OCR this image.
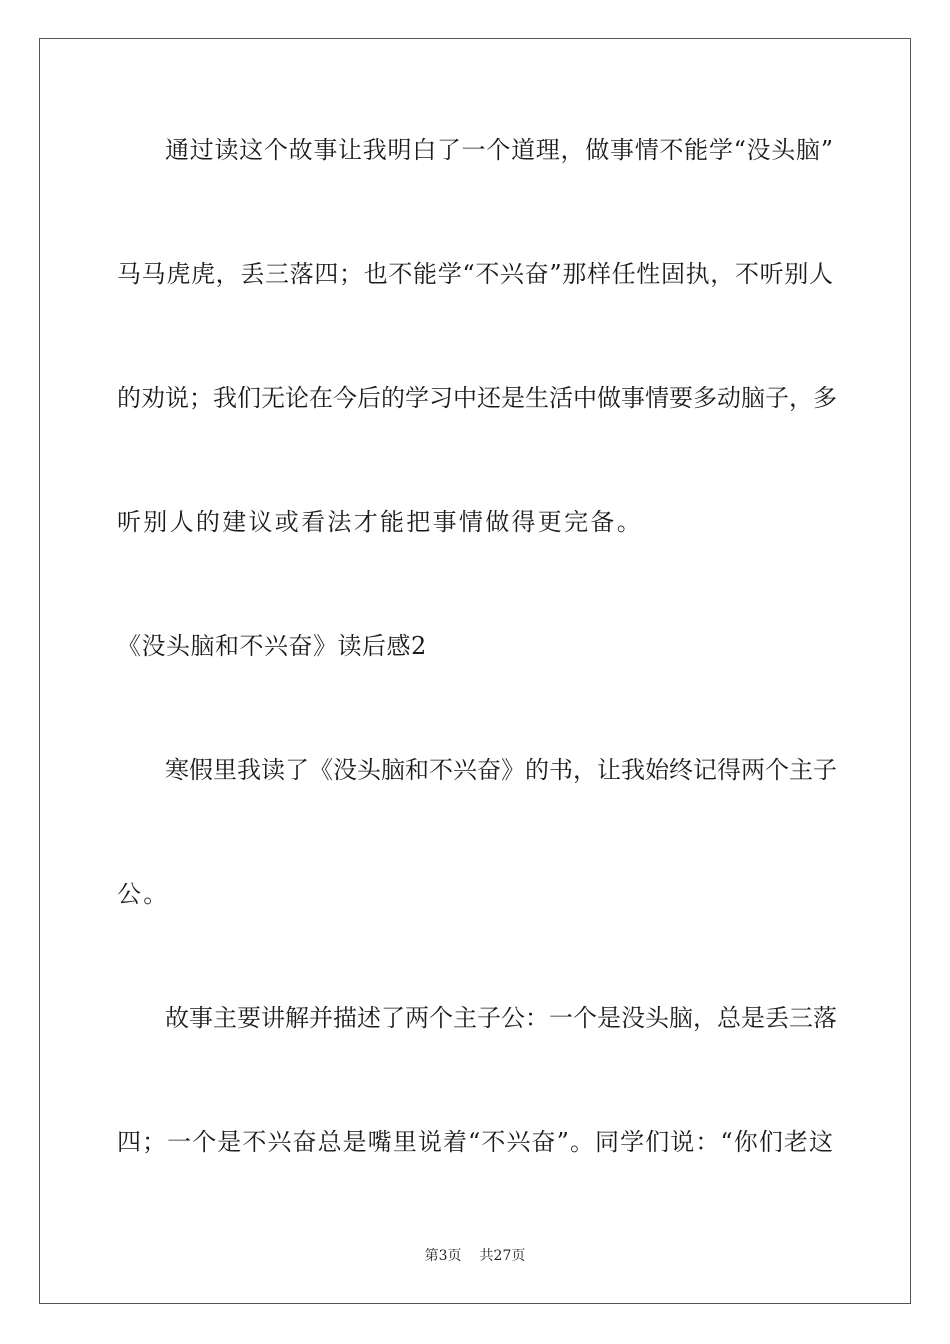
通过读这个故事让我明白了一个道理，做事情不能学“没头脑”
马马虎虎，丢三落四；也不能学“不兴奋”那样任性固执，不听别人
的劝说；我们无论在今后的学习中还是生活中做事情要多动脑子，多
听别人的建议或看法才能把事情做得更完备。
《没头脑和不兴奋》读后感2
寒假里我读了《没头脑和不兴奋》的书，让我始终记得两个主子
公。
故事主要讲解并描述了两个主子公：一个是没头脑，总是丢三落
四；一个是不兴奋总是嘴里说着“不兴奋”。同学们说：“你们老这
第3页 共27页
